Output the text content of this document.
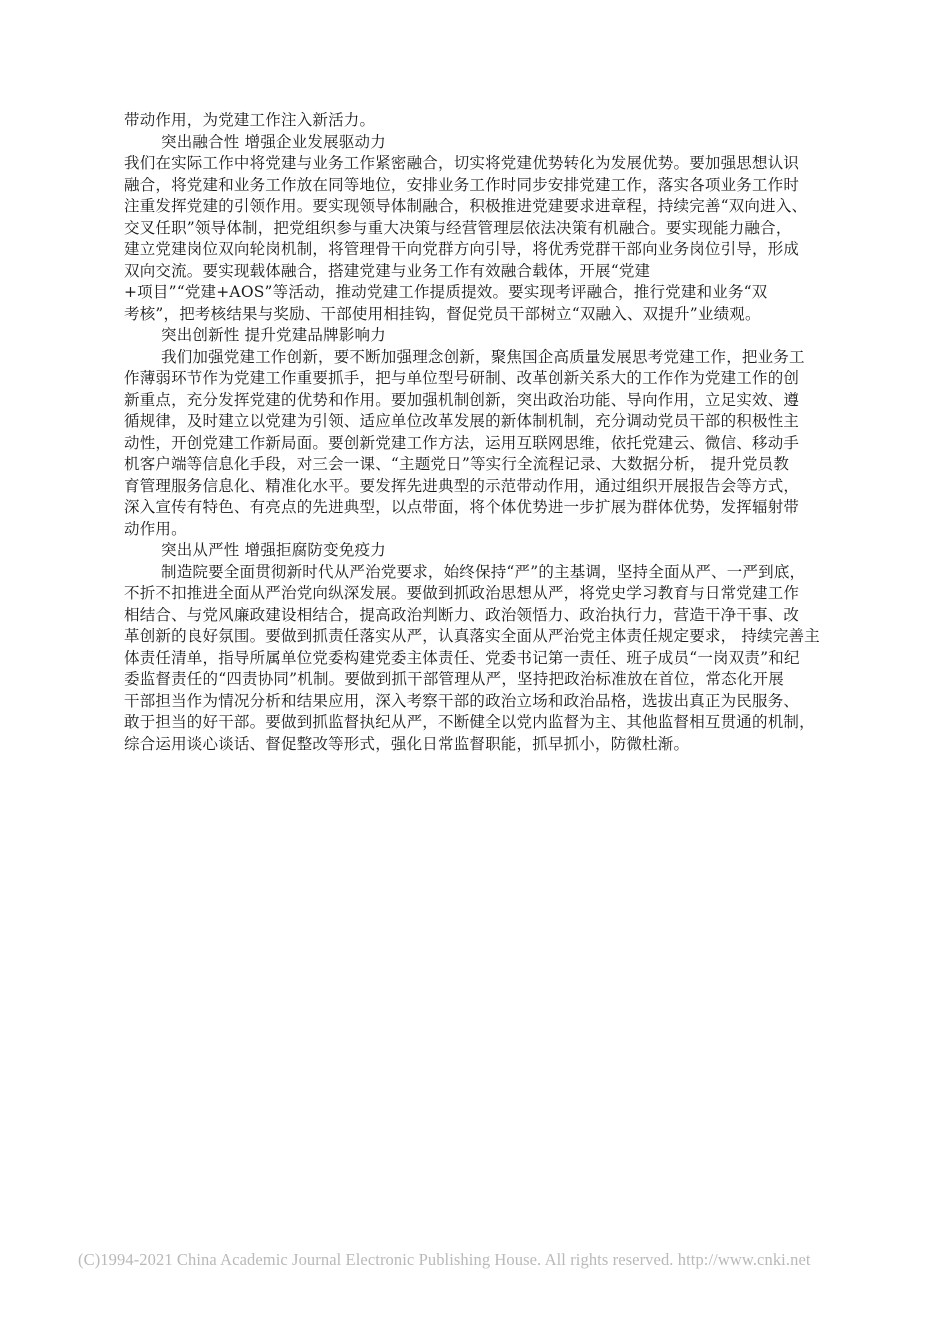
带动作用，为党建工作注入新活力。
突出融合性 增强企业发展驱动力
我们在实际工作中将党建与业务工作紧密融合，切实将党建优势转化为发展优势。要加强思想认识
融合，将党建和业务工作放在同等地位，安排业务工作时同步安排党建工作，落实各项业务工作时
注重发挥党建的引领作用。要实现领导体制融合，积极推进党建要求进章程，持续完善“双向进入、
交叉任职”领导体制，把党组织参与重大决策与经营管理层依法决策有机融合。要实现能力融合，
建立党建岗位双向轮岗机制，将管理骨干向党群方向引导，将优秀党群干部向业务岗位引导，形成
双向交流。要实现载体融合，搭建党建与业务工作有效融合载体，开展“党建
+项目”“党建+AOS”等活动，推动党建工作提质提效。要实现考评融合，推行党建和业务“双
考核”，把考核结果与奖励、干部使用相挂钩，督促党员干部树立“双融入、双提升”业绩观。
突出创新性 提升党建品牌影响力
我们加强党建工作创新，要不断加强理念创新，聚焦国企高质量发展思考党建工作，把业务工
作薄弱环节作为党建工作重要抓手，把与单位型号研制、改革创新关系大的工作作为党建工作的创
新重点，充分发挥党建的优势和作用。要加强机制创新，突出政治功能、导向作用，立足实效、遵
循规律，及时建立以党建为引领、适应单位改革发展的新体制机制，充分调动党员干部的积极性主
动性，开创党建工作新局面。要创新党建工作方法，运用互联网思维，依托党建云、微信、移动手
机客户端等信息化手段，对三会一课、“主题党日”等实行全流程记录、大数据分析， 提升党员教
育管理服务信息化、精准化水平。要发挥先进典型的示范带动作用，通过组织开展报告会等方式，
深入宣传有特色、有亮点的先进典型，以点带面，将个体优势进一步扩展为群体优势，发挥辐射带
动作用。
突出从严性 增强拒腐防变免疫力
制造院要全面贯彻新时代从严治党要求，始终保持“严”的主基调，坚持全面从严、一严到底，
不折不扣推进全面从严治党向纵深发展。要做到抓政治思想从严，将党史学习教育与日常党建工作
相结合、与党风廉政建设相结合，提高政治判断力、政治领悟力、政治执行力，营造干净干事、改
革创新的良好氛围。要做到抓责任落实从严，认真落实全面从严治党主体责任规定要求， 持续完善主
体责任清单，指导所属单位党委构建党委主体责任、党委书记第一责任、班子成员“一岗双责”和纪
委监督责任的“四责协同”机制。要做到抓干部管理从严，坚持把政治标准放在首位，常态化开展
干部担当作为情况分析和结果应用，深入考察干部的政治立场和政治品格，选拔出真正为民服务、
敢于担当的好干部。要做到抓监督执纪从严，不断健全以党内监督为主、其他监督相互贯通的机制，
综合运用谈心谈话、督促整改等形式，强化日常监督职能，抓早抓小，防微杜渐。
(C)1994-2021 China Academic Journal Electronic Publishing House. All rights reserved. http://www.cnki.net
